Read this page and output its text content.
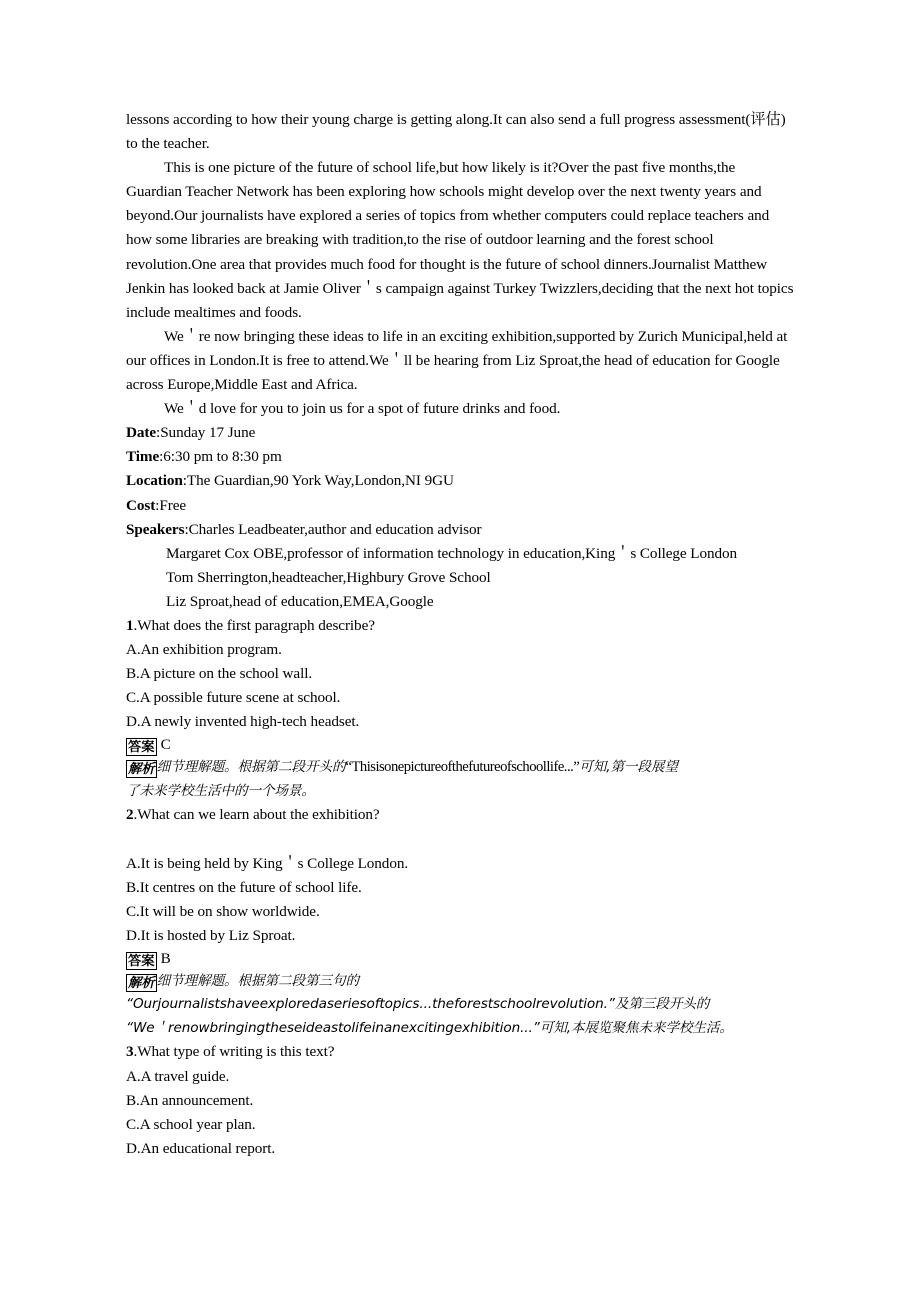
lessons according to how their young charge is getting along.It can also send a full progress assessment(评估) to the teacher.

This is one picture of the future of school life,but how likely is it?Over the past five months,the Guardian Teacher Network has been exploring how schools might develop over the next twenty years and beyond.Our journalists have explored a series of topics from whether computers could replace teachers and how some libraries are breaking with tradition,to the rise of outdoor learning and the forest school revolution.One area that provides much food for thought is the future of school dinners.Journalist Matthew Jenkin has looked back at Jamie Oliver＇s campaign against Turkey Twizzlers,deciding that the next hot topics include mealtimes and foods.

We＇re now bringing these ideas to life in an exciting exhibition,supported by Zurich Municipal,held at our offices in London.It is free to attend.We＇ll be hearing from Liz Sproat,the head of education for Google across Europe,Middle East and Africa.

We＇d love for you to join us for a spot of future drinks and food.

Date:Sunday 17 June

Time:6:30 pm to 8:30 pm

Location:The Guardian,90 York Way,London,NI 9GU

Cost:Free

Speakers:Charles Leadbeater,author and education advisor

Margaret Cox OBE,professor of information technology in education,King＇s College London

Tom Sherrington,headteacher,Highbury Grove School

Liz Sproat,head of education,EMEA,Google

1.What does the first paragraph describe?

A.An exhibition program.

B.A picture on the school wall.

C.A possible future scene at school.

D.A newly invented high-tech headset.

答案 C

解析 细节理解题。根据第二段开头的“Thisisonepictureofthefutureofschoollife...”可知,第一段展望

了未来学校生活中的一个场景。

2.What can we learn about the exhibition?

A.It is being held by King＇s College London.

B.It centres on the future of school life.

C.It will be on show worldwide.

D.It is hosted by Liz Sproat.

答案 B

解析 细节理解题。根据第二段第三句的

“Ourjournalistshaveexploredaseriesoftopics...theforestschoolrevolution.”及第三段开头的

“We＇renowbringingtheseideastolifeinanexcitingexhibition...”可知,本展览聚焦未来学校生活。

3.What type of writing is this text?

A.A travel guide.

B.An announcement.

C.A school year plan.

D.An educational report.
